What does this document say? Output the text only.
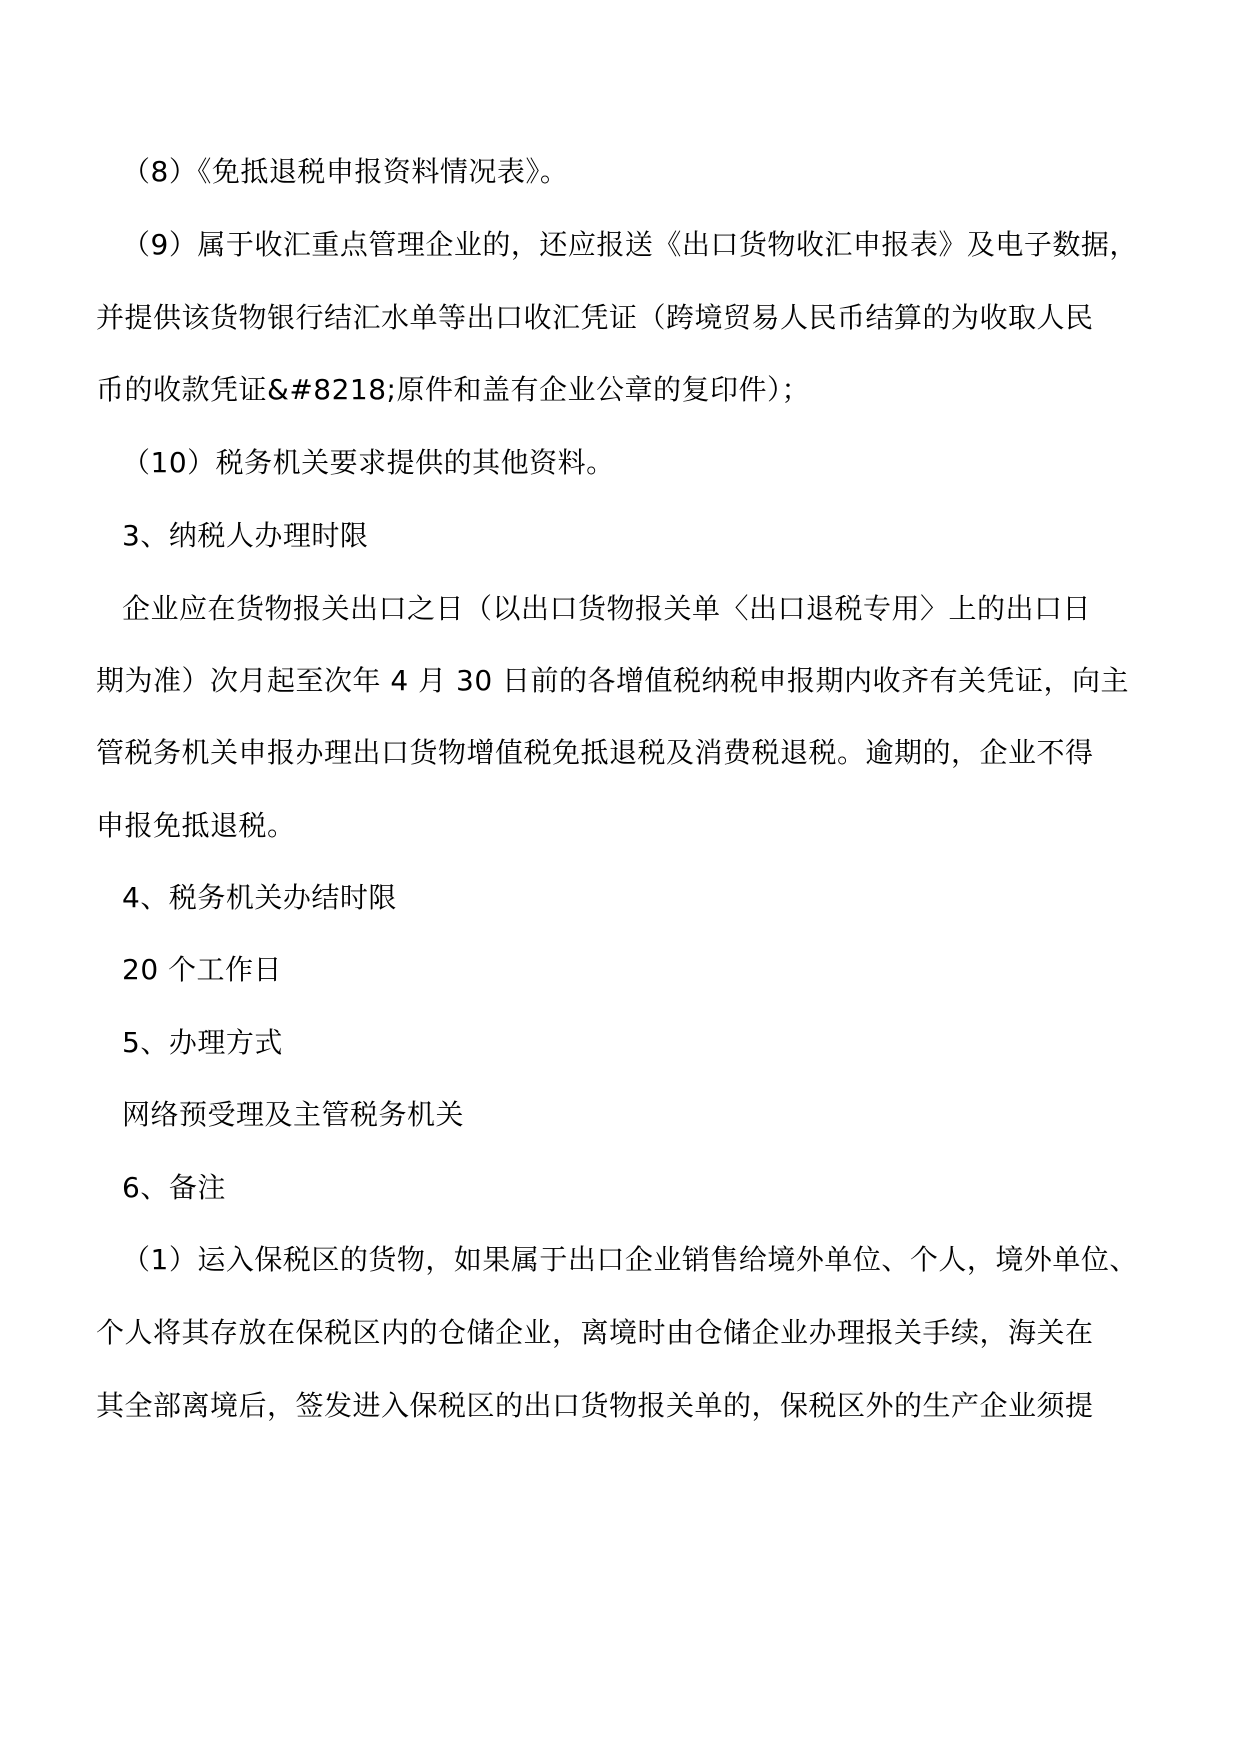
（8）《免抵退税申报资料情况表》。
（9）属于收汇重点管理企业的，还应报送《出口货物收汇申报表》及电子数据，
并提供该货物银行结汇水单等出口收汇凭证（跨境贸易人民币结算的为收取人民
币的收款凭证&#8218;原件和盖有企业公章的复印件）；
（10）税务机关要求提供的其他资料。
3、纳税人办理时限
企业应在货物报关出口之日（以出口货物报关单〈出口退税专用〉上的出口日
期为准）次月起至次年 4 月 30 日前的各增值税纳税申报期内收齐有关凭证，向主
管税务机关申报办理出口货物增值税免抵退税及消费税退税。逾期的，企业不得
申报免抵退税。
4、税务机关办结时限
20 个工作日
5、办理方式
网络预受理及主管税务机关
6、备注
（1）运入保税区的货物，如果属于出口企业销售给境外单位、个人，境外单位、
个人将其存放在保税区内的仓储企业，离境时由仓储企业办理报关手续，海关在
其全部离境后，签发进入保税区的出口货物报关单的，保税区外的生产企业须提
